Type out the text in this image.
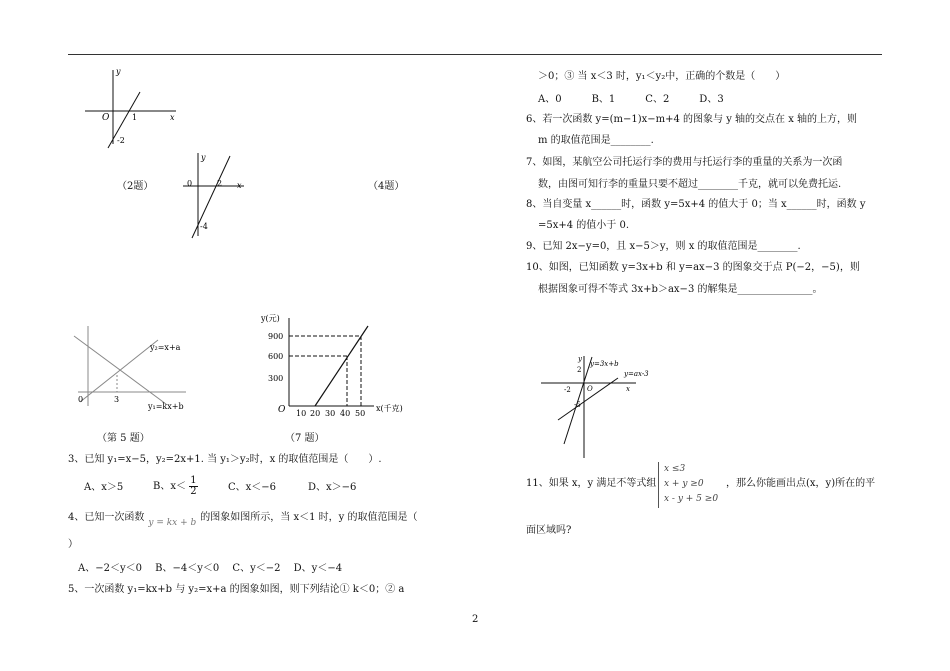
y
x
O	1
-2
（2题）
y
x
0	2
-4
（4题）
y₂=x+a
y₁=kx+b
0	3
（第 5 题）
y(元)
x(千克)
O
900
600
300
10 20 30 40 50
（7 题）
3、已知 y₁=x−5，y₂=2x+1. 当 y₁＞y₂时，x 的取值范围是（　　）.
A、x＞5	B、$x< \frac{1}{2}$	C、x＜−6	D、x＞−6
4、已知一次函数 y = kx + b 的图象如图所示，当 x＜1 时，y 的取值范围是（
）
A、−2＜y＜0　 B、−4＜y＜0　 C、y＜−2　 D、y＜−4
5、一次函数 y₁=kx+b 与 y₂=x+a 的图象如图，则下列结论① k＜0；② a
＞0；③ 当 x＜3 时，y₁＜y₂中，正确的个数是（　　）
A、0　　　B、1　　　C、2　　　D、3
6、若一次函数 y=(m−1)x−m+4 的图象与 y 轴的交点在 x 轴的上方，则
m 的取值范围是________.
7、如图，某航空公司托运行李的费用与托运行李的重量的关系为一次函
数，由图可知行李的重量只要不超过________千克，就可以免费托运.
8、当自变量 x______时，函数 y=5x+4 的值大于 0；当 x______时，函数 y
=5x+4 的值小于 0.
9、已知 2x−y=0，且 x−5＞y，则 x 的取值范围是________.
10、如图，已知函数 y=3x+b 和 y=ax−3 的图象交于点 P(−2，−5)，则
根据图象可得不等式 3x+b＞ax−3 的解集是_______________。
y
x
O
2
-2
-5
y=3x+b
y=ax-3
11、如果 x，y 满足不等式组
x ≤3
x + y ≥0
x - y + 5 ≥0
，那么你能画出点(x，y)所在的平
面区域吗?
2
